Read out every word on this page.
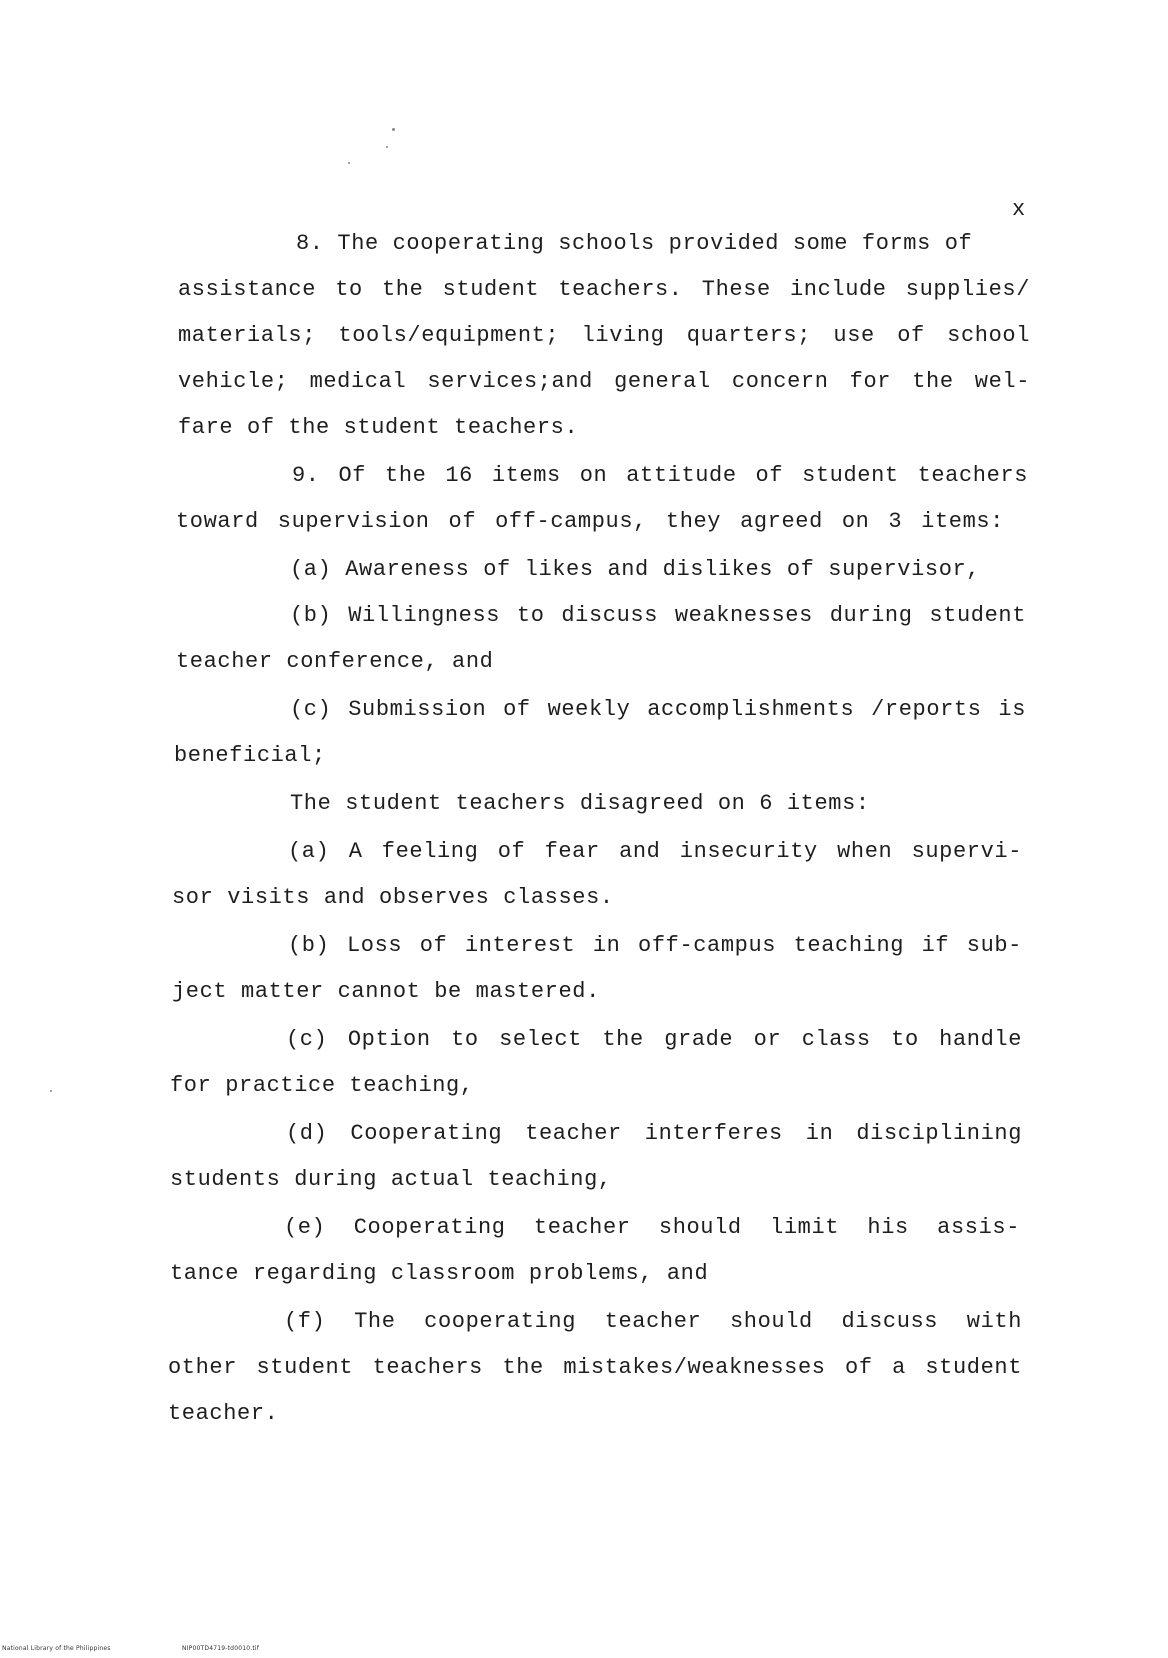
x
8. The cooperating schools provided some forms of
assistance to the student teachers. These include supplies/
materials; tools/equipment; living quarters; use of school
vehicle; medical services;and general concern for the wel-
fare of the student teachers.
9. Of the 16 items on attitude of student teachers
toward supervision of off-campus, they agreed on 3 items:
(a) Awareness of likes and dislikes of supervisor,
(b) Willingness to discuss weaknesses during student
teacher conference, and
(c) Submission of weekly accomplishments /reports is
beneficial;
The student teachers disagreed on 6 items:
(a) A feeling of fear and insecurity when supervi-
sor visits and observes classes.
(b) Loss of interest in off-campus teaching if sub-
ject matter cannot be mastered.
(c) Option to select the grade or class to handle
for practice teaching,
(d) Cooperating teacher interferes in disciplining
students during actual teaching,
(e) Cooperating teacher should limit his assis-
tance regarding classroom problems, and
(f) The cooperating teacher should discuss with
other student teachers the mistakes/weaknesses of a student
teacher.
National Library of the Philippines	NIP00TD4719-td0010.tif
